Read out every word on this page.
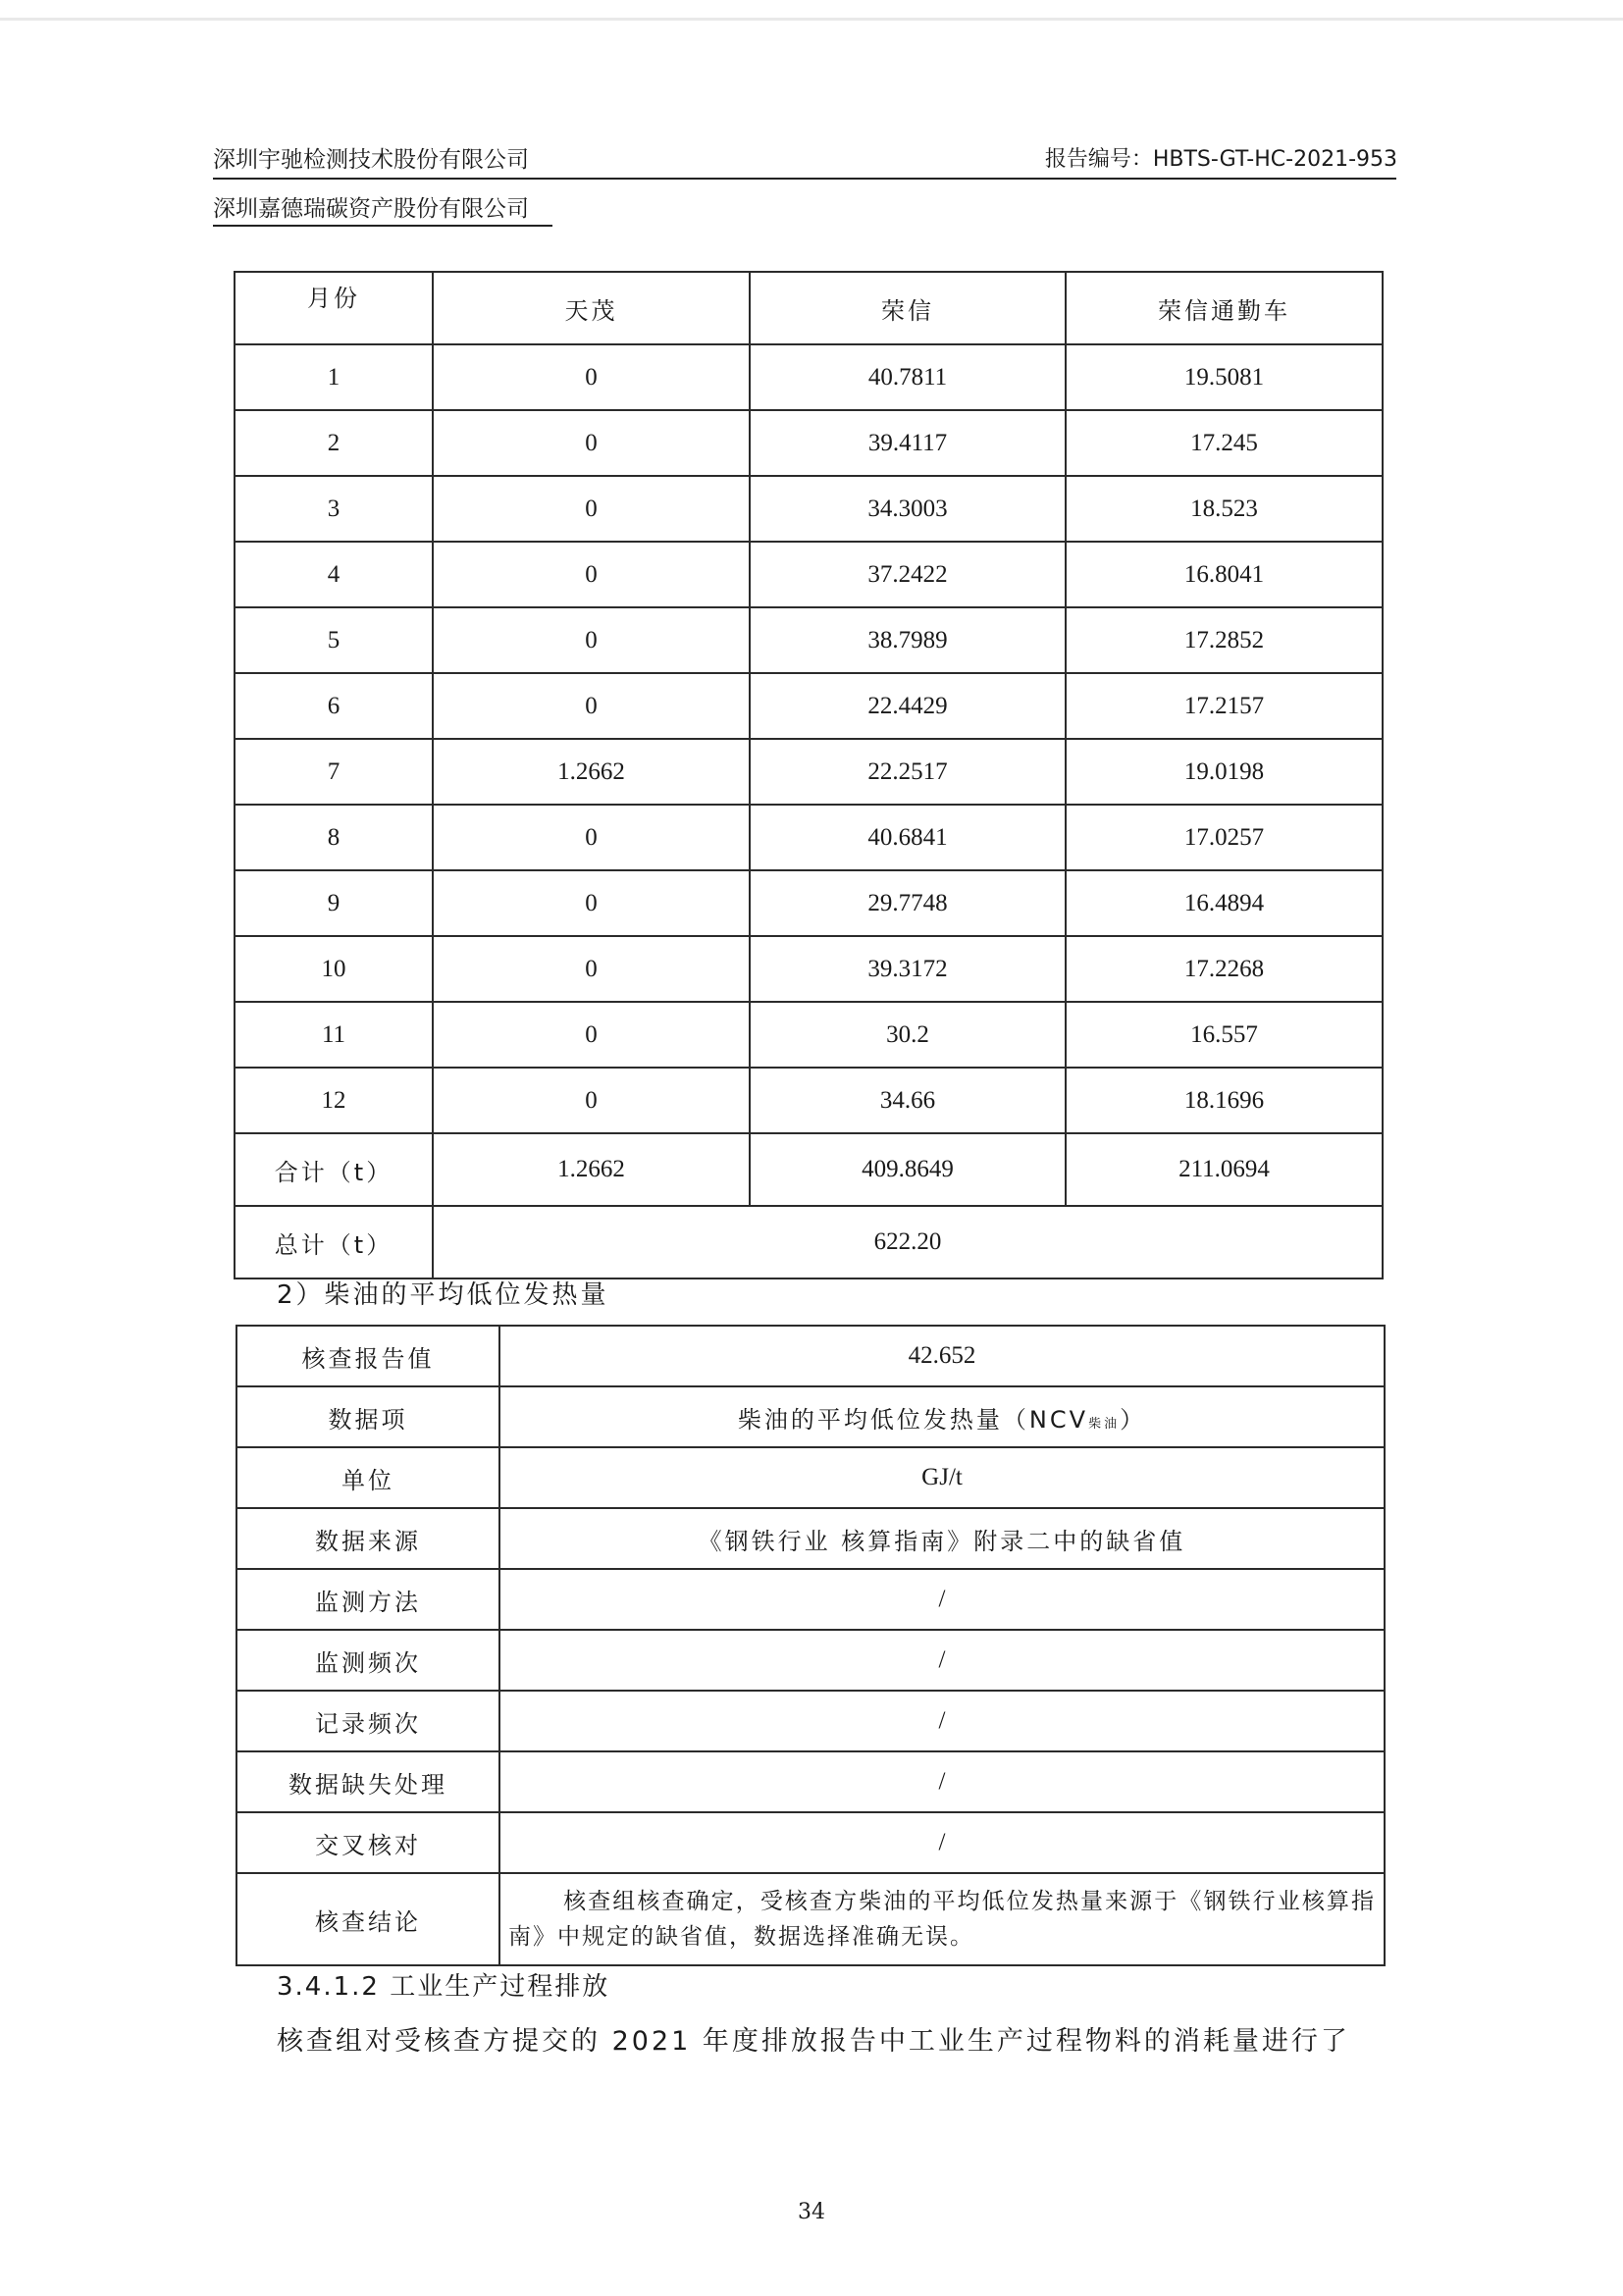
深圳宇驰检测技术股份有限公司	报告编号：HBTS-GT-HC-2021-953
深圳嘉德瑞碳资产股份有限公司
月份	天茂	荣信	荣信通勤车
1	0	40.7811	19.5081
2	0	39.4117	17.245
3	0	34.3003	18.523
4	0	37.2422	16.8041
5	0	38.7989	17.2852
6	0	22.4429	17.2157
7	1.2662	22.2517	19.0198
8	0	40.6841	17.0257
9	0	29.7748	16.4894
10	0	39.3172	17.2268
11	0	30.2	16.557
12	0	34.66	18.1696
合计（t）	1.2662	409.8649	211.0694
总计（t）	622.20		
2）柴油的平均低位发热量
核查报告值	42.652
数据项	柴油的平均低位发热量（NCV柴油）
单位	GJ/t
数据来源	《钢铁行业 核算指南》附录二中的缺省值
监测方法	/
监测频次	/
记录频次	/
数据缺失处理	/
交叉核对	/
核查结论	核查组核查确定，受核查方柴油的平均低位发热量来源于《钢铁行业核算指南》中规定的缺省值，数据选择准确无误。
3.4.1.2 工业生产过程排放
核查组对受核查方提交的 2021 年度排放报告中工业生产过程物料的消耗量进行了
34
